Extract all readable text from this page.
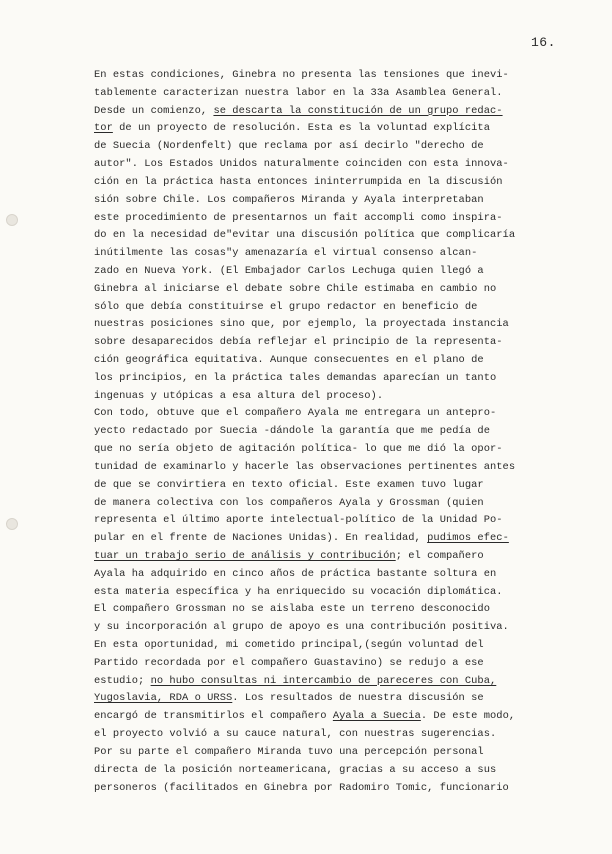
16.
En estas condiciones, Ginebra no presenta las tensiones que inevi-
tablemente caracterizan nuestra labor en la 33a Asamblea General.
Desde un comienzo, se descarta la constitución de un grupo redac-
tor de un proyecto de resolución. Esta es la voluntad explícita
de Suecia (Nordenfelt) que reclama por así decirlo "derecho de
autor". Los Estados Unidos naturalmente coinciden con esta innova-
ción en la práctica hasta entonces ininterrumpida en la discusión
sión sobre Chile. Los compañeros Miranda y Ayala interpretaban
este procedimiento de presentarnos un fait accompli como inspira-
do en la necesidad de"evitar una discusión política que complicaría
inútilmente las cosas"y amenazaría el virtual consenso alcan-
zado en Nueva York. (El Embajador Carlos Lechuga quien llegó a
Ginebra al iniciarse el debate sobre Chile estimaba en cambio no
sólo que debía constituirse el grupo redactor en beneficio de
nuestras posiciones sino que, por ejemplo, la proyectada instancia
sobre desaparecidos debía reflejar el principio de la representa-
ción geográfica equitativa. Aunque consecuentes en el plano de
los principios, en la práctica tales demandas aparecían un tanto
ingenuas y utópicas a esa altura del proceso).
Con todo, obtuve que el compañero Ayala me entregara un antepro-
yecto redactado por Suecia -dándole la garantía que me pedía de
que no sería objeto de agitación política- lo que me dió la opor-
tunidad de examinarlo y hacerle las observaciones pertinentes antes
de que se convirtiera en texto oficial. Este examen tuvo lugar
de manera colectiva con los compañeros Ayala y Grossman (quien
representa el último aporte intelectual-político de la Unidad Po-
pular en el frente de Naciones Unidas). En realidad, pudimos efec-
tuar un trabajo serio de análisis y contribución; el compañero
Ayala ha adquirido en cinco años de práctica bastante soltura en
esta materia específica y ha enriquecido su vocación diplomática.
El compañero Grossman no se aislaba este un terreno desconocido
y su incorporación al grupo de apoyo es una contribución positiva.
En esta oportunidad, mi cometido principal,(según voluntad del
Partido recordada por el compañero Guastavino) se redujo a ese
estudio; no hubo consultas ni intercambio de pareceres con Cuba,
Yugoslavia, RDA o URSS. Los resultados de nuestra discusión se
encargó de transmitirlos el compañero Ayala a Suecia. De este modo,
el proyecto volvió a su cauce natural, con nuestras sugerencias.
Por su parte el compañero Miranda tuvo una percepción personal
directa de la posición norteamericana, gracias a su acceso a sus
personeros (facilitados en Ginebra por Radomiro Tomic, funcionario
